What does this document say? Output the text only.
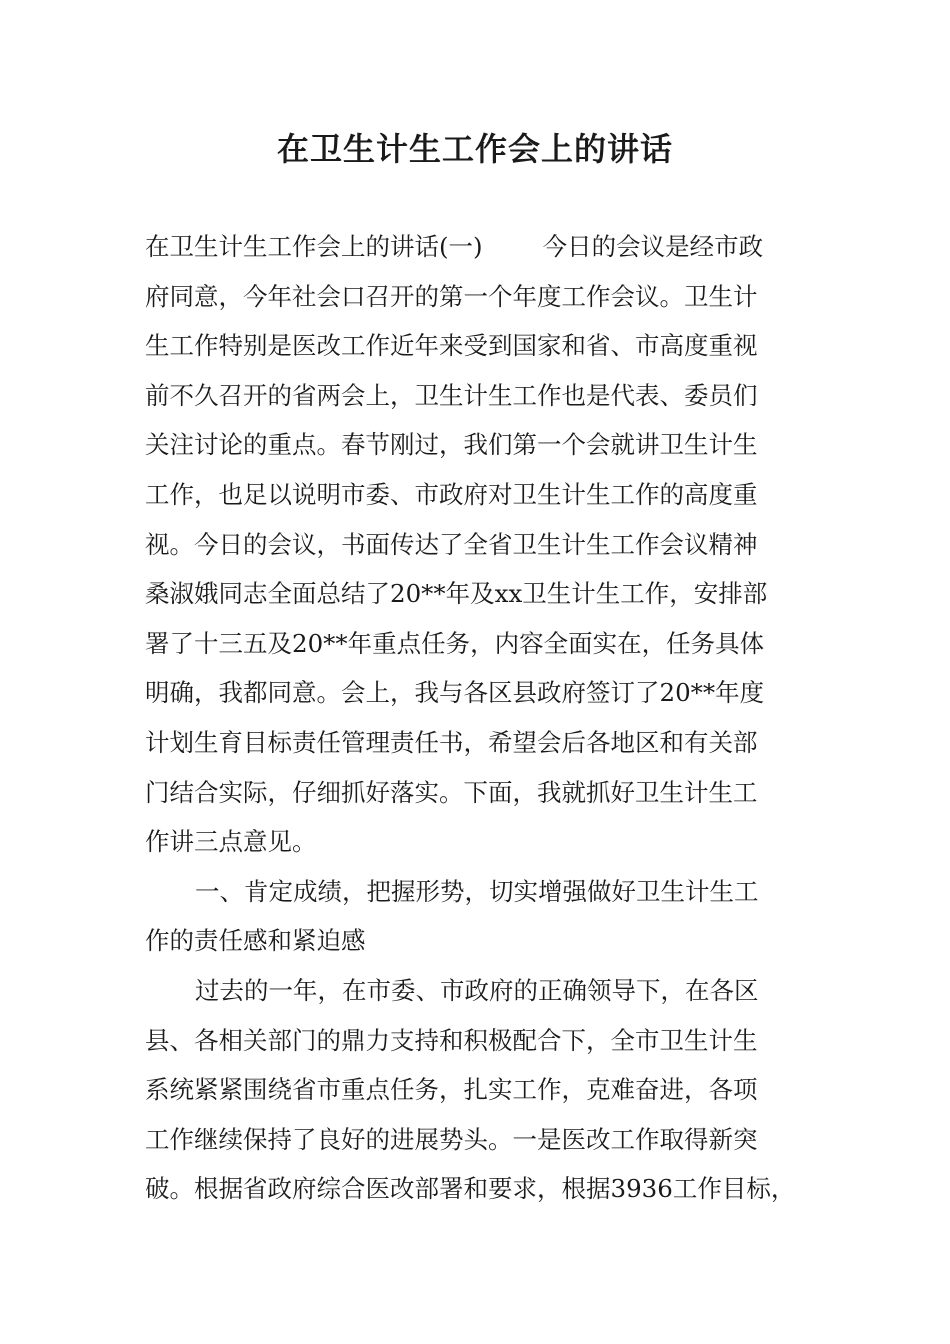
在卫生计生工作会上的讲话
在卫生计生工作会上的讲话(一) 今日的会议是经市政
府同意，今年社会口召开的第一个年度工作会议。卫生计
生工作特别是医改工作近年来受到国家和省、市高度重视
前不久召开的省两会上，卫生计生工作也是代表、委员们
关注讨论的重点。春节刚过，我们第一个会就讲卫生计生
工作，也足以说明市委、市政府对卫生计生工作的高度重
视。今日的会议，书面传达了全省卫生计生工作会议精神
桑淑娥同志全面总结了20**年及xx卫生计生工作，安排部
署了十三五及20**年重点任务，内容全面实在，任务具体
明确，我都同意。会上，我与各区县政府签订了20**年度
计划生育目标责任管理责任书，希望会后各地区和有关部
门结合实际，仔细抓好落实。下面，我就抓好卫生计生工
作讲三点意见。
一、肯定成绩，把握形势，切实增强做好卫生计生工
作的责任感和紧迫感
过去的一年，在市委、市政府的正确领导下，在各区
县、各相关部门的鼎力支持和积极配合下，全市卫生计生
系统紧紧围绕省市重点任务，扎实工作，克难奋进，各项
工作继续保持了良好的进展势头。一是医改工作取得新突
破。根据省政府综合医改部署和要求，根据3936工作目标，
